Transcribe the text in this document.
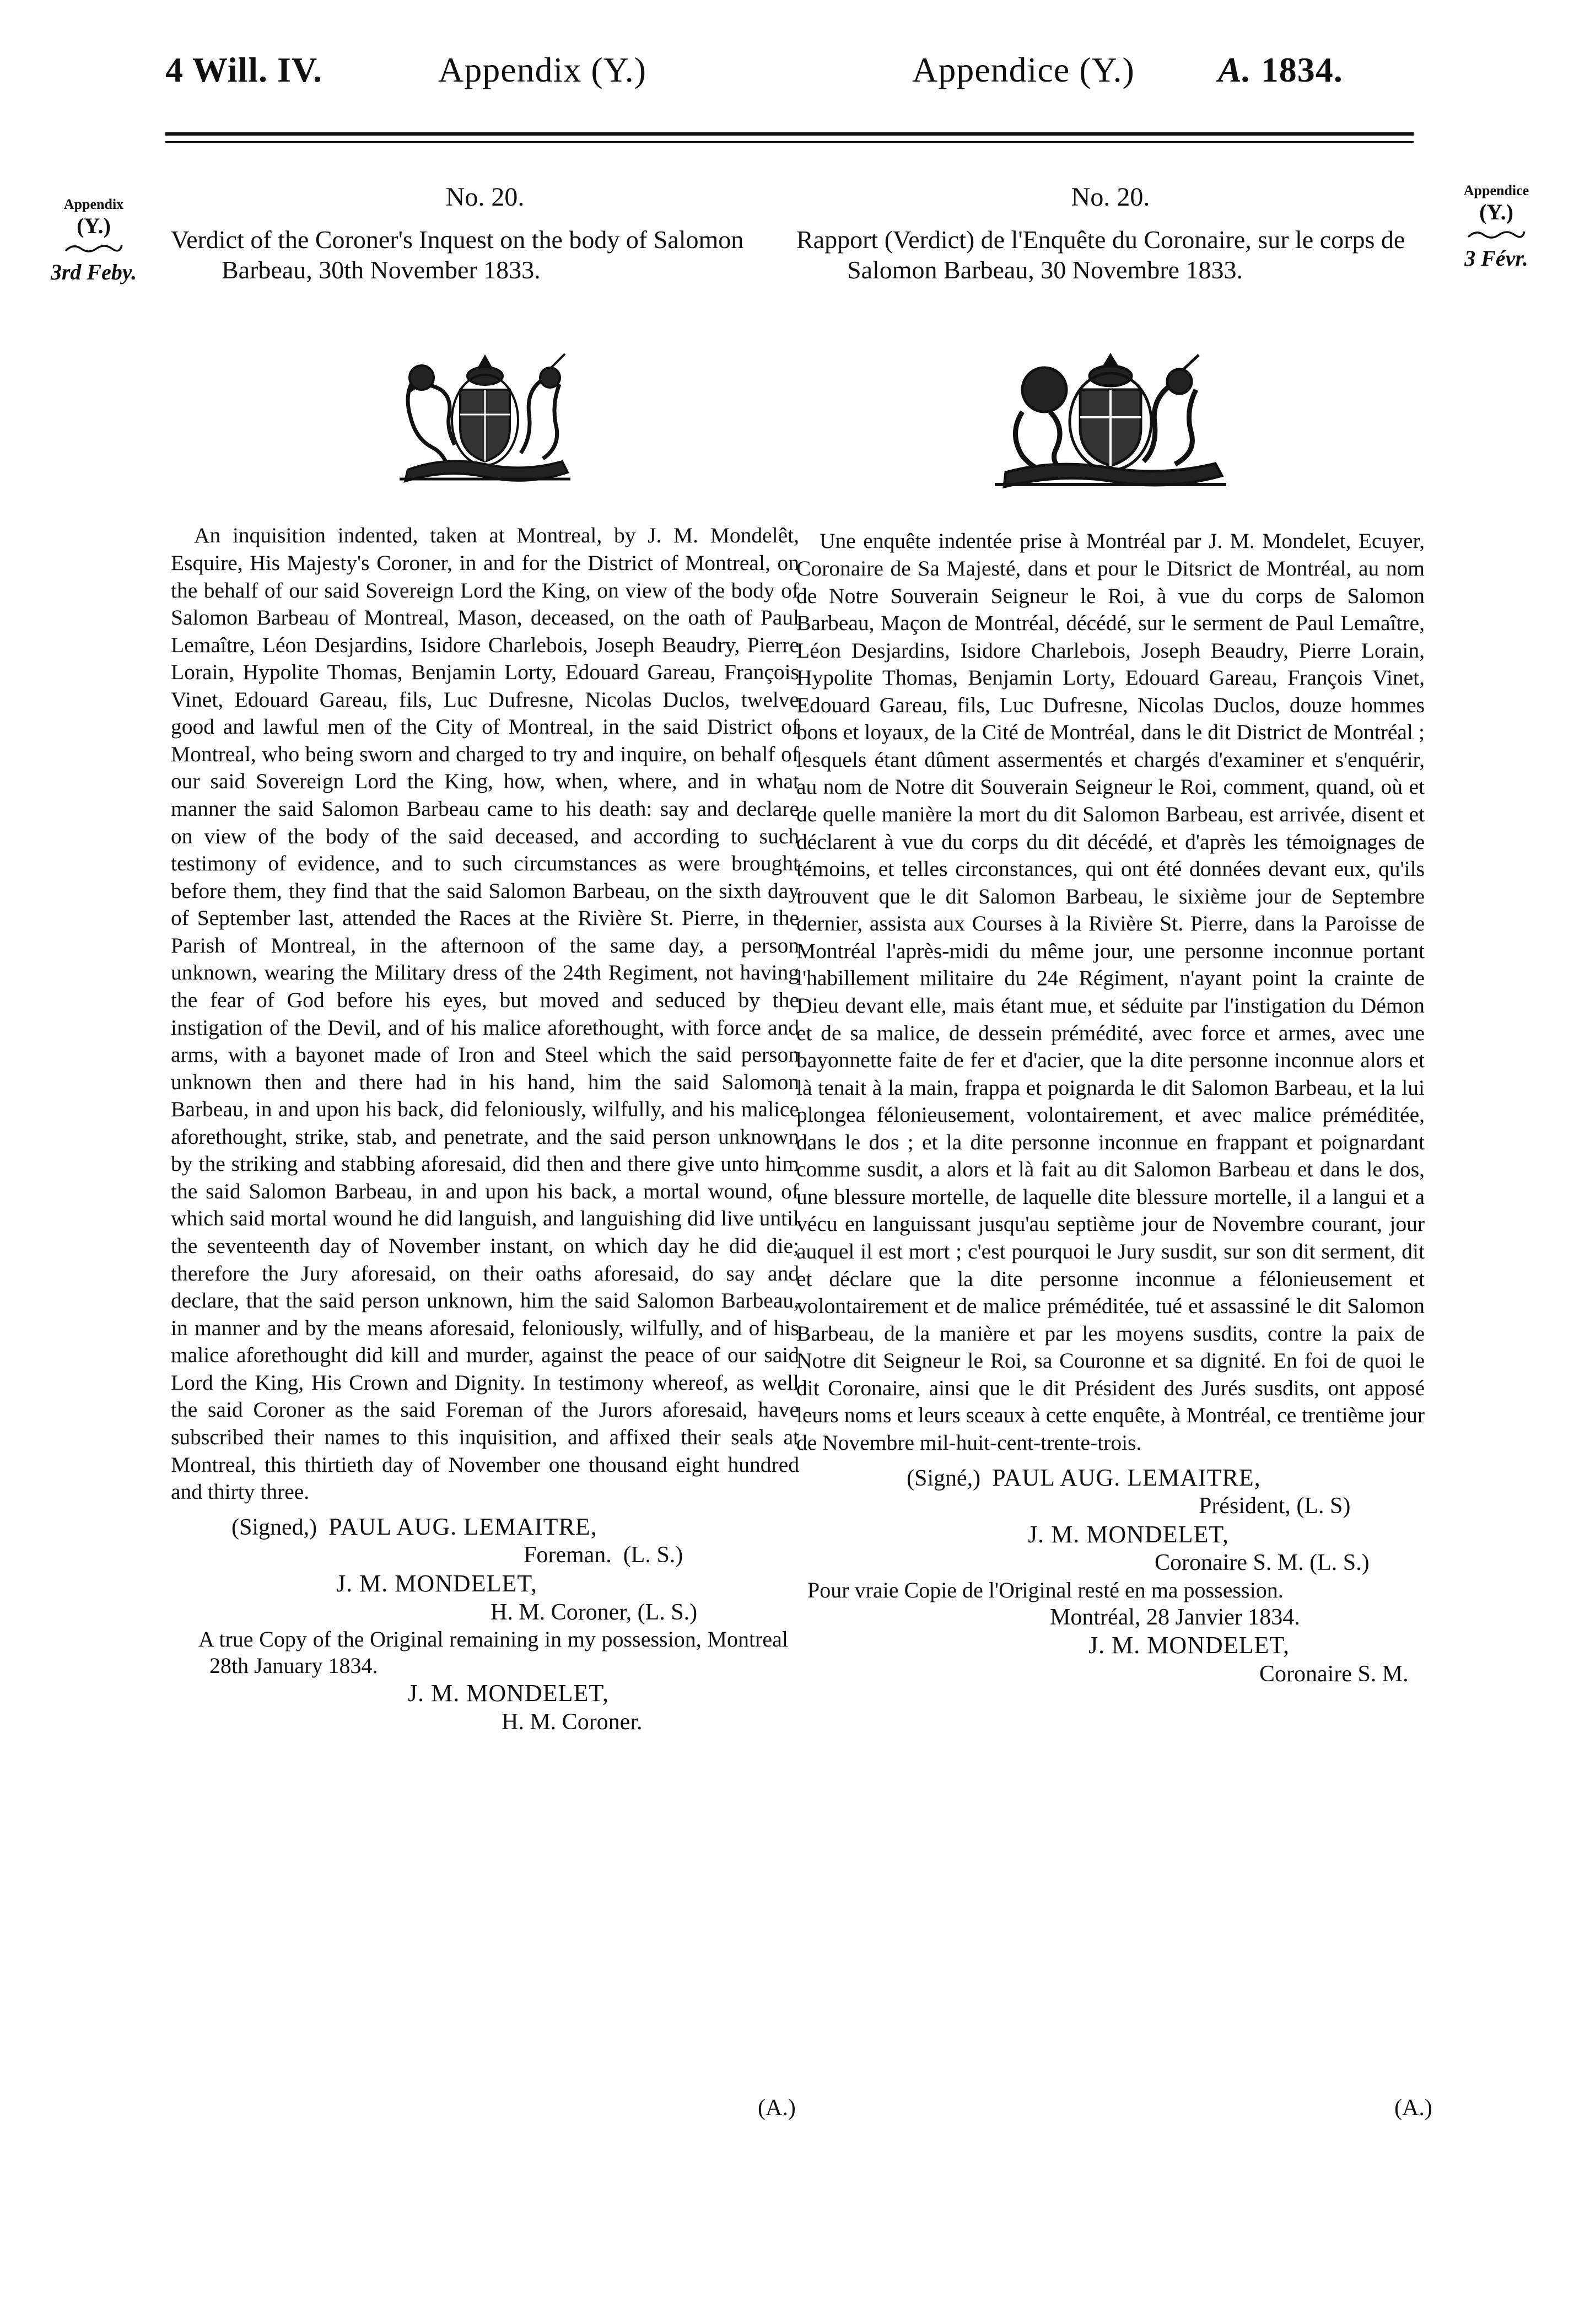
4 Will. IV.	Appendix (Y.)	Appendice (Y.) A. 1834.
Appendix
(Y.)
3rd Feby.
Appendice
(Y.)
3 Févr.
No. 20.

Verdict of the Coroner's Inquest on the body of Salomon Barbeau, 30th November 1833.

An inquisition indented, taken at Montreal, by J. M. Mondelêt, Esquire, His Majesty's Coroner, in and for the District of Montreal, on the behalf of our said Sovereign Lord the King, on view of the body of Salomon Barbeau of Montreal, Mason, deceased, on the oath of Paul Lemaître, Léon Desjardins, Isidore Charlebois, Joseph Beaudry, Pierre Lorain, Hypolite Thomas, Benjamin Lorty, Edouard Gareau, François Vinet, Edouard Gareau, fils, Luc Dufresne, Nicolas Duclos, twelve good and lawful men of the City of Montreal, in the said District of Montreal, who being sworn and charged to try and inquire, on behalf of our said Sovereign Lord the King, how, when, where, and in what manner the said Salomon Barbeau came to his death: say and declare on view of the body of the said deceased, and according to such testimony of evidence, and to such circumstances as were brought before them, they find that the said Salomon Barbeau, on the sixth day of September last, attended the Races at the Rivière St. Pierre, in the Parish of Montreal, in the afternoon of the same day, a person unknown, wearing the Military dress of the 24th Regiment, not having the fear of God before his eyes, but moved and seduced by the instigation of the Devil, and of his malice aforethought, with force and arms, with a bayonet made of Iron and Steel which the said person unknown then and there had in his hand, him the said Salomon Barbeau, in and upon his back, did feloniously, wilfully, and his malice aforethought, strike, stab, and penetrate, and the said person unknown by the striking and stabbing aforesaid, did then and there give unto him the said Salomon Barbeau, in and upon his back, a mortal wound, of which said mortal wound he did languish, and languishing did live until the seventeenth day of November instant, on which day he did die; therefore the Jury aforesaid, on their oaths aforesaid, do say and declare, that the said person unknown, him the said Salomon Barbeau, in manner and by the means aforesaid, feloniously, wilfully, and of his malice aforethought did kill and murder, against the peace of our said Lord the King, His Crown and Dignity. In testimony whereof, as well the said Coroner as the said Foreman of the Jurors aforesaid, have subscribed their names to this inquisition, and affixed their seals at Montreal, this thirtieth day of November one thousand eight hundred and thirty three.
(Signed,) PAUL AUG. LEMAITRE,
Foreman. (L. S.)
J. M. MONDELET,
H. M. Coroner, (L. S.)
A true Copy of the Original remaining in my possession, Montreal 28th January 1834.
J. M. MONDELET,
H. M. Coroner.
No. 20.

Rapport (Verdict) de l'Enquête du Coronaire, sur le corps de Salomon Barbeau, 30 Novembre 1833.

Une enquête indentée prise à Montréal par J. M. Mondelet, Ecuyer, Coronaire de Sa Majesté, dans et pour le Ditsrict de Montréal, au nom de Notre Souverain Seigneur le Roi, à vue du corps de Salomon Barbeau, Maçon de Montréal, décédé, sur le serment de Paul Lemaître, Léon Desjardins, Isidore Charlebois, Joseph Beaudry, Pierre Lorain, Hypolite Thomas, Benjamin Lorty, Edouard Gareau, François Vinet, Edouard Gareau, fils, Luc Dufresne, Nicolas Duclos, douze hommes bons et loyaux, de la Cité de Montréal, dans le dit District de Montréal ; lesquels étant dûment assermentés et chargés d'examiner et s'enquérir, au nom de Notre dit Souverain Seigneur le Roi, comment, quand, où et de quelle manière la mort du dit Salomon Barbeau, est arrivée, disent et déclarent à vue du corps du dit décédé, et d'après les témoignages de témoins, et telles circonstances, qui ont été données devant eux, qu'ils trouvent que le dit Salomon Barbeau, le sixième jour de Septembre dernier, assista aux Courses à la Rivière St. Pierre, dans la Paroisse de Montréal l'après-midi du même jour, une personne inconnue portant l'habillement militaire du 24e Régiment, n'ayant point la crainte de Dieu devant elle, mais étant mue, et séduite par l'instigation du Démon et de sa malice, de dessein prémédité, avec force et armes, avec une bayonnette faite de fer et d'acier, que la dite personne inconnue alors et là tenait à la main, frappa et poignarda le dit Salomon Barbeau, et la lui plongea félonieusement, volontairement, et avec malice préméditée, dans le dos ; et la dite personne inconnue en frappant et poignardant comme susdit, a alors et là fait au dit Salomon Barbeau et dans le dos, une blessure mortelle, de laquelle dite blessure mortelle, il a langui et a vécu en languissant jusqu'au septième jour de Novembre courant, jour auquel il est mort ; c'est pourquoi le Jury susdit, sur son dit serment, dit et déclare que la dite personne inconnue a félonieusement et volontairement et de malice préméditée, tué et assassiné le dit Salomon Barbeau, de la manière et par les moyens susdits, contre la paix de Notre dit Seigneur le Roi, sa Couronne et sa dignité. En foi de quoi le dit Coronaire, ainsi que le dit Président des Jurés susdits, ont apposé leurs noms et leurs sceaux à cette enquête, à Montréal, ce trentième jour de Novembre mil-huit-cent-trente-trois.
(Signé,) PAUL AUG. LEMAITRE,
Président, (L. S)
J. M. MONDELET,
Coronaire S. M. (L. S.)
Pour vraie Copie de l'Original resté en ma possession.
Montréal, 28 Janvier 1834.
J. M. MONDELET,
Coronaire S. M.
(A.)	(A.)
